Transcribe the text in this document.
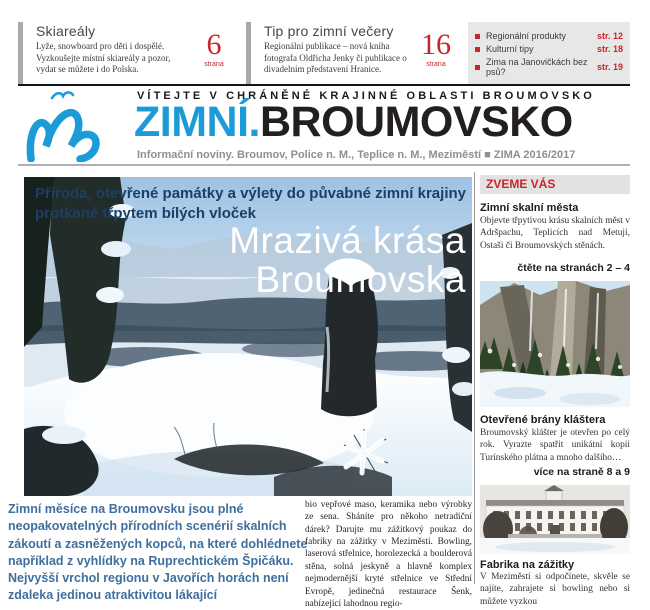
Skiareály
Lyže, snowboard pro děti i dospělé. Vyzkoušejte místní skiareály a pozor, vydat se můžete i do Polska.
6
strana
Tip pro zimní večery
Regionální publikace – nová kniha fotografa Oldřicha Jenky či publikace o divadelním představení Hranice.
16
strana
Regionální produkty	str. 12
Kulturní tipy	str. 18
Zima na Janovičkách bez psů?	str. 19
VÍTEJTE V CHRÁNĚNÉ KRAJINNÉ OBLASTI BROUMOVSKO
ZIMNÍ.BROUMOVSKO
Informační noviny. Broumov, Police n. M., Teplice n. M., Meziměstí ■ ZIMA 2016/2017
Příroda, otevřené památky a výlety do půvabné zimní krajiny
protkané třpytem bílých vloček
Mrazivá krása
Broumovska
Zimní měsíce na Broumovsku jsou plné neopakovatelných přírodních scenérií skalních zákoutí a zasněžených kopců, na které dohlédnete například z vyhlídky na Ruprechtickém Špičáku. Nejvyšší vrchol regionu v Javořích horách není zdaleka jedinou atraktivitou lákající
bio vepřové maso, keramika nebo výrobky ze sena. Sháníte pro někoho netradiční dárek? Darujte mu zážitkový poukaz do fabriky na zážitky v Meziměstí. Bowling, laserová střelnice, horolezecká a boulderová stěna, solná jeskyně a hlavně komplex nejmodernější kryté střelnice ve Střední Evropě, jedinečná restaurace Šenk, nabízející lahodnou regio-
ZVEME VÁS
Zimní skalní města
Objevte třpytivou krásu skalních měst v Adršpachu, Teplicích nad Metují, Ostaši či Broumovských stěnách.
čtěte na stranách 2 – 4
Otevřené brány kláštera
Broumovský klášter je otevřen po celý rok. Vyrazte spatřit unikátní kopii Turínského plátna a mnoho dalšího…
více na straně 8 a 9
Fabrika na zážitky
V Meziměstí si odpočinete, skvěle se najíte, zahrajete si bowling nebo si můžete vyzkou
